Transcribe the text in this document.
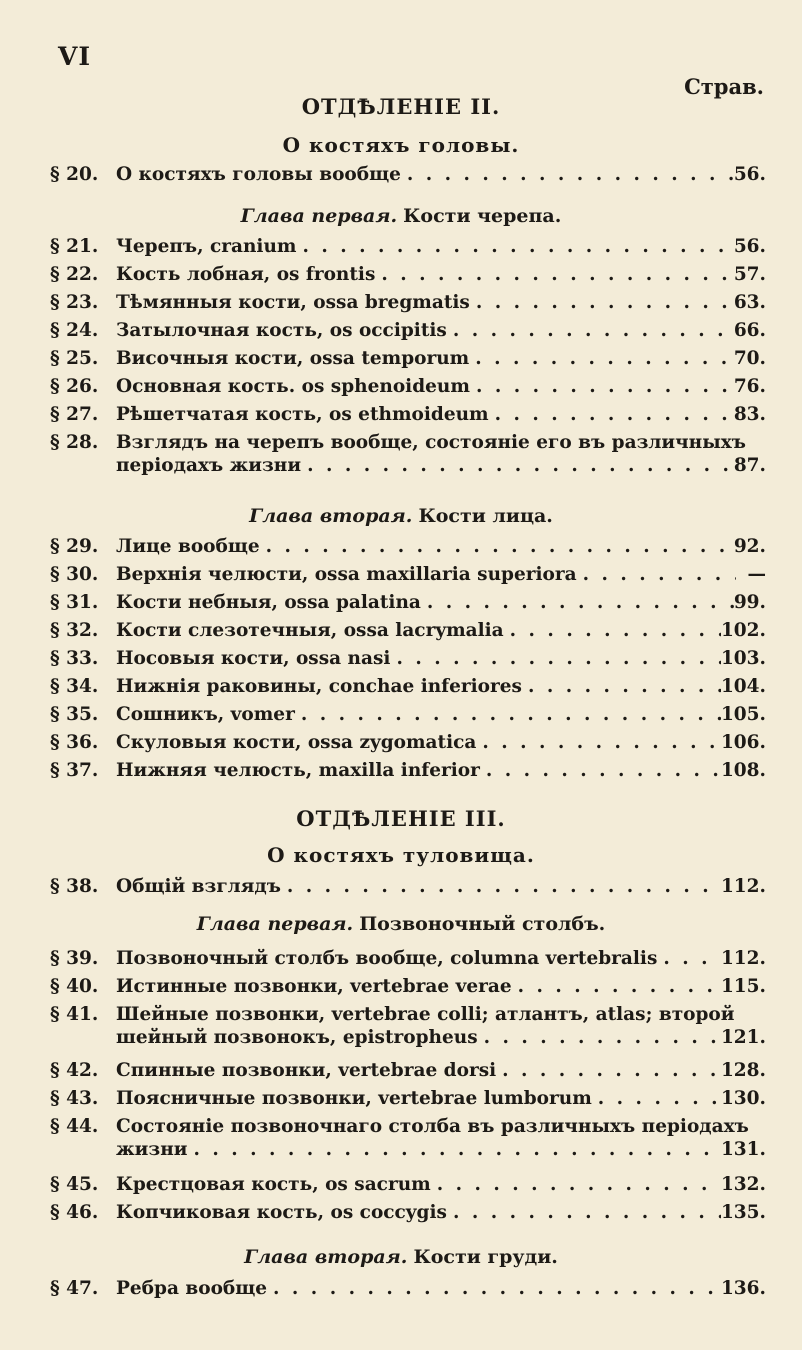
VI
Страв.
ОТДѢЛЕНІЕ II.
О костяхъ головы.
§ 20. О костяхъ головы вообще . . .	56.
Глава первая. Кости черепа.
§ 21. Черепъ, cranium . . .	56.
§ 22. Кость лобная, os frontis . . .	57.
§ 23. Тѣмянныя кости, ossa bregmatis . . .	63.
§ 24. Затылочная кость, os occipitis . . .	66.
§ 25. Височныя кости, ossa temporum . . .	70.
§ 26. Основная кость. os sphenoideum . . .	76.
§ 27. Рѣшетчатая кость, os ethmoideum . . .	83.
§ 28. Взглядъ на черепъ вообще, состояніе его въ различныхъ
періодахъ жизни . . .	87.
Глава вторая. Кости лица.
§ 29. Лице вообще . . .	92.
§ 30. Верхнія челюсти, ossa maxillaria superiora . . .	—
§ 31. Кости небныя, ossa palatina . . .	99.
§ 32. Кости слезотечныя, ossa lacrymalia . . .	102.
§ 33. Носовыя кости, ossa nasi . . .	103.
§ 34. Нижнія раковины, conchae inferiores . . .	104.
§ 35. Сошникъ, vomer . . .	105.
§ 36. Скуловыя кости, ossa zygomatica . . .	106.
§ 37. Нижняя челюсть, maxilla inferior . . .	108.
ОТДѢЛЕНІЕ III.
О костяхъ туловища.
§ 38. Общій взглядъ . . .	112.
Глава первая. Позвоночный столбъ.
§ 39. Позвоночный столбъ вообще, columna vertebralis . . .	112.
§ 40. Истинные позвонки, vertebrae verae . . .	115.
§ 41. Шейные позвонки, vertebrae colli; атлантъ, atlas; второй
шейный позвонокъ, epistropheus . . .	121.
§ 42. Спинные позвонки, vertebrae dorsi . . .	128.
§ 43. Поясничные позвонки, vertebrae lumborum . . .	130.
§ 44. Состояніе позвоночнаго столба въ различныхъ періодахъ
жизни . . .	131.
§ 45. Крестцовая кость, os sacrum . . .	132.
§ 46. Копчиковая кость, os coccygis . . .	135.
Глава вторая. Кости груди.
§ 47. Ребра вообще . . .	136.
